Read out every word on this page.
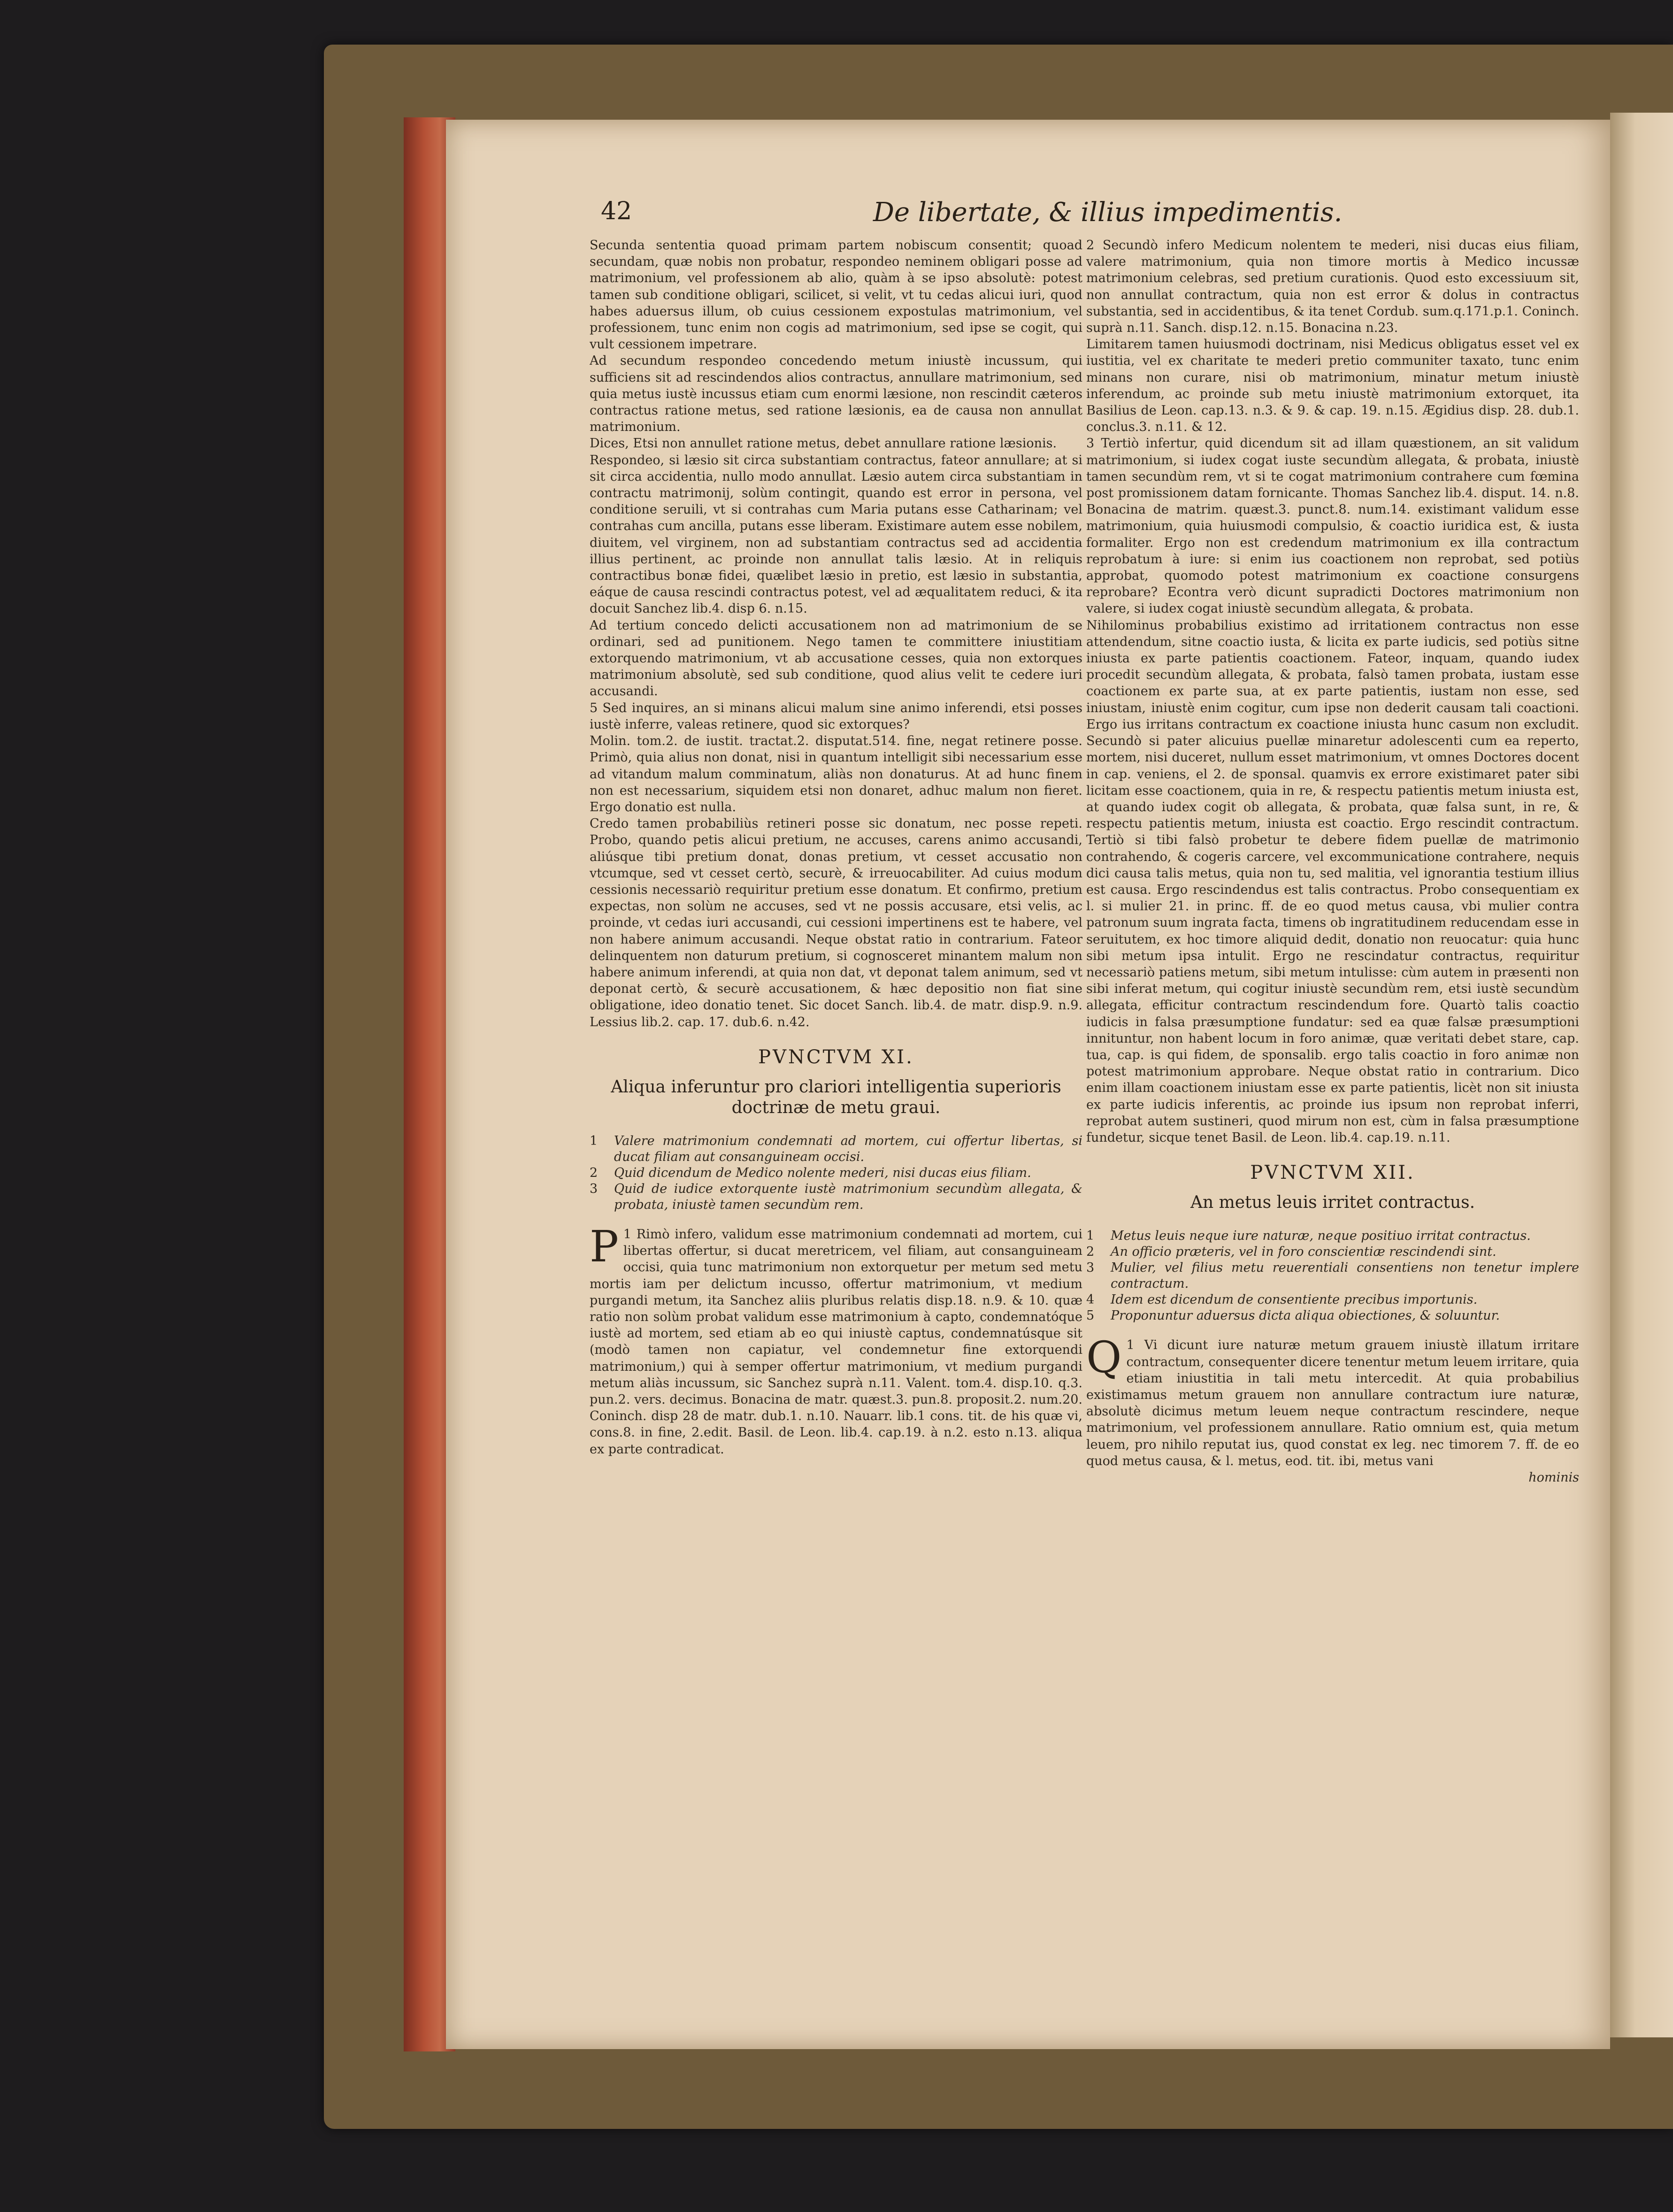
42	De libertate, & illius impedimentis.

Secunda sententia quoad primam partem nobiscum consentit; quoad secundam, quæ nobis non probatur, respondeo neminem obligari posse ad matrimonium, vel professionem ab alio, quàm à se ipso absolutè: potest tamen sub conditione obligari, scilicet, si velit, vt tu cedas alicui iuri, quod habes aduersus illum, ob cuius cessionem expostulas matrimonium, vel professionem, tunc enim non cogis ad matrimonium, sed ipse se cogit, qui vult cessionem impetrare.

Ad secundum respondeo concedendo metum iniustè incussum, qui sufficiens sit ad rescindendos alios contractus, annullare matrimonium, sed quia metus iustè incussus etiam cum enormi læsione, non rescindit cæteros contractus ratione metus, sed ratione læsionis, ea de causa non annullat matrimonium.

Dices, Etsi non annullet ratione metus, debet annullare ratione læsionis.

Respondeo, si læsio sit circa substantiam contractus, fateor annullare; at si sit circa accidentia, nullo modo annullat. Læsio autem circa substantiam in contractu matrimonij, solùm contingit, quando est error in persona, vel conditione seruili, vt si contrahas cum Maria putans esse Catharinam; vel contrahas cum ancilla, putans esse liberam. Existimare autem esse nobilem, diuitem, vel virginem, non ad substantiam contractus sed ad accidentia illius pertinent, ac proinde non annullat talis læsio. At in reliquis contractibus bonæ fidei, quælibet læsio in pretio, est læsio in substantia, eáque de causa rescindi contractus potest, vel ad æqualitatem reduci, & ita docuit Sanchez lib.4. disp 6. n.15.

Ad tertium concedo delicti accusationem non ad matrimonium de se ordinari, sed ad punitionem. Nego tamen te committere iniustitiam extorquendo matrimonium, vt ab accusatione cesses, quia non extorques matrimonium absolutè, sed sub conditione, quod alius velit te cedere iuri accusandi.

5 Sed inquires, an si minans alicui malum sine animo inferendi, etsi posses iustè inferre, valeas retinere, quod sic extorques?

Molin. tom.2. de iustit. tractat.2. disputat.514. fine, negat retinere posse. Primò, quia alius non donat, nisi in quantum intelligit sibi necessarium esse ad vitandum malum comminatum, aliàs non donaturus. At ad hunc finem non est necessarium, siquidem etsi non donaret, adhuc malum non fieret. Ergo donatio est nulla.

Credo tamen probabiliùs retineri posse sic donatum, nec posse repeti. Probo, quando petis alicui pretium, ne accuses, carens animo accusandi, aliúsque tibi pretium donat, donas pretium, vt cesset accusatio non vtcumque, sed vt cesset certò, securè, & irreuocabiliter. Ad cuius modum cessionis necessariò requiritur pretium esse donatum. Et confirmo, pretium expectas, non solùm ne accuses, sed vt ne possis accusare, etsi velis, ac proinde, vt cedas iuri accusandi, cui cessioni impertinens est te habere, vel non habere animum accusandi. Neque obstat ratio in contrarium. Fateor delinquentem non daturum pretium, si cognosceret minantem malum non habere animum inferendi, at quia non dat, vt deponat talem animum, sed vt deponat certò, & securè accusationem, & hæc depositio non fiat sine obligatione, ideo donatio tenet. Sic docet Sanch. lib.4. de matr. disp.9. n.9. Lessius lib.2. cap. 17. dub.6. n.42.

PVNCTVM XI.
Aliqua inferuntur pro clariori intelligentia superioris doctrinæ de metu graui.
1 Valere matrimonium condemnati ad mortem, cui offertur libertas, si ducat filiam aut consanguineam occisi.
2 Quid dicendum de Medico nolente mederi, nisi ducas eius filiam.
3 Quid de iudice extorquente iustè matrimonium secundùm allegata, & probata, iniustè tamen secundùm rem.

P 1 Rimò infero, validum esse matrimonium condemnati ad mortem, cui libertas offertur, si ducat meretricem, vel filiam, aut consanguineam occisi, quia tunc matrimonium non extorquetur per metum sed metu mortis iam per delictum incusso, offertur matrimonium, vt medium purgandi metum, ita Sanchez aliis pluribus relatis disp.18. n.9. & 10. quæ ratio non solùm probat validum esse matrimonium à capto, condemnatóque iustè ad mortem, sed etiam ab eo qui iniustè captus, condemnatúsque sit (modò tamen non capiatur, vel condemnetur fine extorquendi matrimonium,) qui à semper offertur matrimonium, vt medium purgandi metum aliàs incussum, sic Sanchez suprà n.11. Valent. tom.4. disp.10. q.3. pun.2. vers. decimus. Bonacina de matr. quæst.3. pun.8. proposit.2. num.20. Coninch. disp 28 de matr. dub.1. n.10. Nauarr. lib.1 cons. tit. de his quæ vi, cons.8. in fine, 2.edit. Basil. de Leon. lib.4. cap.19. à n.2. esto n.13. aliqua ex parte contradicat.

2 Secundò infero Medicum nolentem te mederi, nisi ducas eius filiam, valere matrimonium, quia non timore mortis à Medico incussæ matrimonium celebras, sed pretium curationis. Quod esto excessiuum sit, non annullat contractum, quia non est error & dolus in contractus substantia, sed in accidentibus, & ita tenet Cordub. sum.q.171.p.1. Coninch. suprà n.11. Sanch. disp.12. n.15. Bonacina n.23.

Limitarem tamen huiusmodi doctrinam, nisi Medicus obligatus esset vel ex iustitia, vel ex charitate te mederi pretio communiter taxato, tunc enim minans non curare, nisi ob matrimonium, minatur metum iniustè inferendum, ac proinde sub metu iniustè matrimonium extorquet, ita Basilius de Leon. cap.13. n.3. & 9. & cap. 19. n.15. Ægidius disp. 28. dub.1. conclus.3. n.11. & 12.

3 Tertiò infertur, quid dicendum sit ad illam quæstionem, an sit validum matrimonium, si iudex cogat iuste secundùm allegata, & probata, iniustè tamen secundùm rem, vt si te cogat matrimonium contrahere cum fœmina post promissionem datam fornicante. Thomas Sanchez lib.4. disput. 14. n.8. Bonacina de matrim. quæst.3. punct.8. num.14. existimant validum esse matrimonium, quia huiusmodi compulsio, & coactio iuridica est, & iusta formaliter. Ergo non est credendum matrimonium ex illa contractum reprobatum à iure: si enim ius coactionem non reprobat, sed potiùs approbat, quomodo potest matrimonium ex coactione consurgens reprobare? Econtra verò dicunt supradicti Doctores matrimonium non valere, si iudex cogat iniustè secundùm allegata, & probata.

Nihilominus probabilius existimo ad irritationem contractus non esse attendendum, sitne coactio iusta, & licita ex parte iudicis, sed potiùs sitne iniusta ex parte patientis coactionem. Fateor, inquam, quando iudex procedit secundùm allegata, & probata, falsò tamen probata, iustam esse coactionem ex parte sua, at ex parte patientis, iustam non esse, sed iniustam, iniustè enim cogitur, cum ipse non dederit causam tali coactioni. Ergo ius irritans contractum ex coactione iniusta hunc casum non excludit. Secundò si pater alicuius puellæ minaretur adolescenti cum ea reperto, mortem, nisi duceret, nullum esset matrimonium, vt omnes Doctores docent in cap. veniens, el 2. de sponsal. quamvis ex errore existimaret pater sibi licitam esse coactionem, quia in re, & respectu patientis metum iniusta est, at quando iudex cogit ob allegata, & probata, quæ falsa sunt, in re, & respectu patientis metum, iniusta est coactio. Ergo rescindit contractum. Tertiò si tibi falsò probetur te debere fidem puellæ de matrimonio contrahendo, & cogeris carcere, vel excommunicatione contrahere, nequis dici causa talis metus, quia non tu, sed malitia, vel ignorantia testium illius est causa. Ergo rescindendus est talis contractus. Probo consequentiam ex l. si mulier 21. in princ. ff. de eo quod metus causa, vbi mulier contra patronum suum ingrata facta, timens ob ingratitudinem reducendam esse in seruitutem, ex hoc timore aliquid dedit, donatio non reuocatur: quia hunc sibi metum ipsa intulit. Ergo ne rescindatur contractus, requiritur necessariò patiens metum, sibi metum intulisse: cùm autem in præsenti non sibi inferat metum, qui cogitur iniustè secundùm rem, etsi iustè secundùm allegata, efficitur contractum rescindendum fore. Quartò talis coactio iudicis in falsa præsumptione fundatur: sed ea quæ falsæ præsumptioni innituntur, non habent locum in foro animæ, quæ veritati debet stare, cap. tua, cap. is qui fidem, de sponsalib. ergo talis coactio in foro animæ non potest matrimonium approbare. Neque obstat ratio in contrarium. Dico enim illam coactionem iniustam esse ex parte patientis, licèt non sit iniusta ex parte iudicis inferentis, ac proinde ius ipsum non reprobat inferri, reprobat autem sustineri, quod mirum non est, cùm in falsa præsumptione fundetur, sicque tenet Basil. de Leon. lib.4. cap.19. n.11.

PVNCTVM XII.
An metus leuis irritet contractus.
1 Metus leuis neque iure naturæ, neque positiuo irritat contractus.
2 An officio præteris, vel in foro conscientiæ rescindendi sint.
3 Mulier, vel filius metu reuerentiali consentiens non tenetur implere contractum.
4 Idem est dicendum de consentiente precibus importunis.
5 Proponuntur aduersus dicta aliqua obiectiones, & soluuntur.

Q 1 Vi dicunt iure naturæ metum grauem iniustè illatum irritare contractum, consequenter dicere tenentur metum leuem irritare, quia etiam iniustitia in tali metu intercedit. At quia probabilius existimamus metum grauem non annullare contractum iure naturæ, absolutè dicimus metum leuem neque contractum rescindere, neque matrimonium, vel professionem annullare. Ratio omnium est, quia metum leuem, pro nihilo reputat ius, quod constat ex leg. nec timorem 7. ff. de eo quod metus causa, & l. metus, eod. tit. ibi, metus vani

hominis
